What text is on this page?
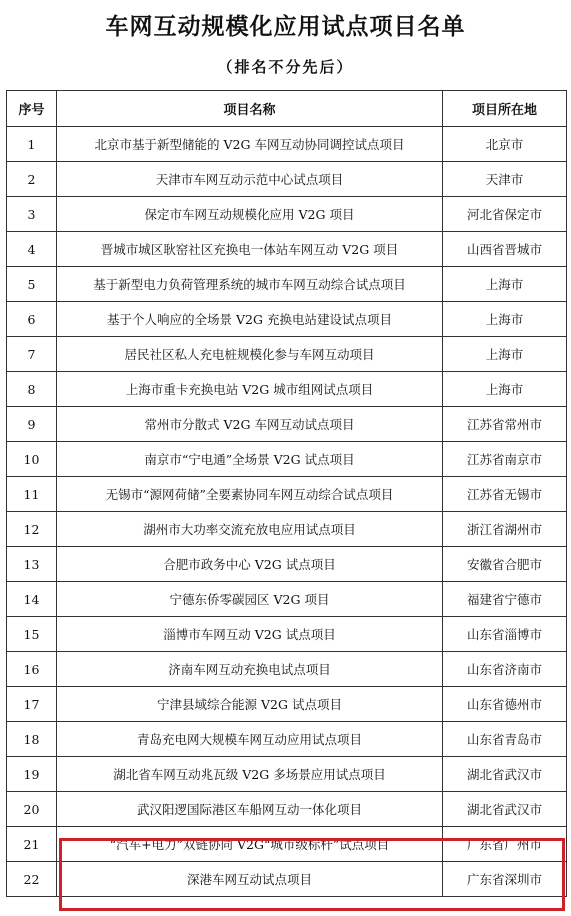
车网互动规模化应用试点项目名单
（排名不分先后）
序号	项目名称	项目所在地
1	北京市基于新型储能的 V2G 车网互动协同调控试点项目	北京市
2	天津市车网互动示范中心试点项目	天津市
3	保定市车网互动规模化应用 V2G 项目	河北省保定市
4	晋城市城区耿窑社区充换电一体站车网互动 V2G 项目	山西省晋城市
5	基于新型电力负荷管理系统的城市车网互动综合试点项目	上海市
6	基于个人响应的全场景 V2G 充换电站建设试点项目	上海市
7	居民社区私人充电桩规模化参与车网互动项目	上海市
8	上海市重卡充换电站 V2G 城市组网试点项目	上海市
9	常州市分散式 V2G 车网互动试点项目	江苏省常州市
10	南京市“宁电通”全场景 V2G 试点项目	江苏省南京市
11	无锡市“源网荷储”全要素协同车网互动综合试点项目	江苏省无锡市
12	湖州市大功率交流充放电应用试点项目	浙江省湖州市
13	合肥市政务中心 V2G 试点项目	安徽省合肥市
14	宁德东侨零碳园区 V2G 项目	福建省宁德市
15	淄博市车网互动 V2G 试点项目	山东省淄博市
16	济南车网互动充换电试点项目	山东省济南市
17	宁津县域综合能源 V2G 试点项目	山东省德州市
18	青岛充电网大规模车网互动应用试点项目	山东省青岛市
19	湖北省车网互动兆瓦级 V2G 多场景应用试点项目	湖北省武汉市
20	武汉阳逻国际港区车船网互动一体化项目	湖北省武汉市
21	“汽车+电力”双链协同 V2G“城市级标杆”试点项目	广东省广州市
22	深港车网互动试点项目	广东省深圳市
